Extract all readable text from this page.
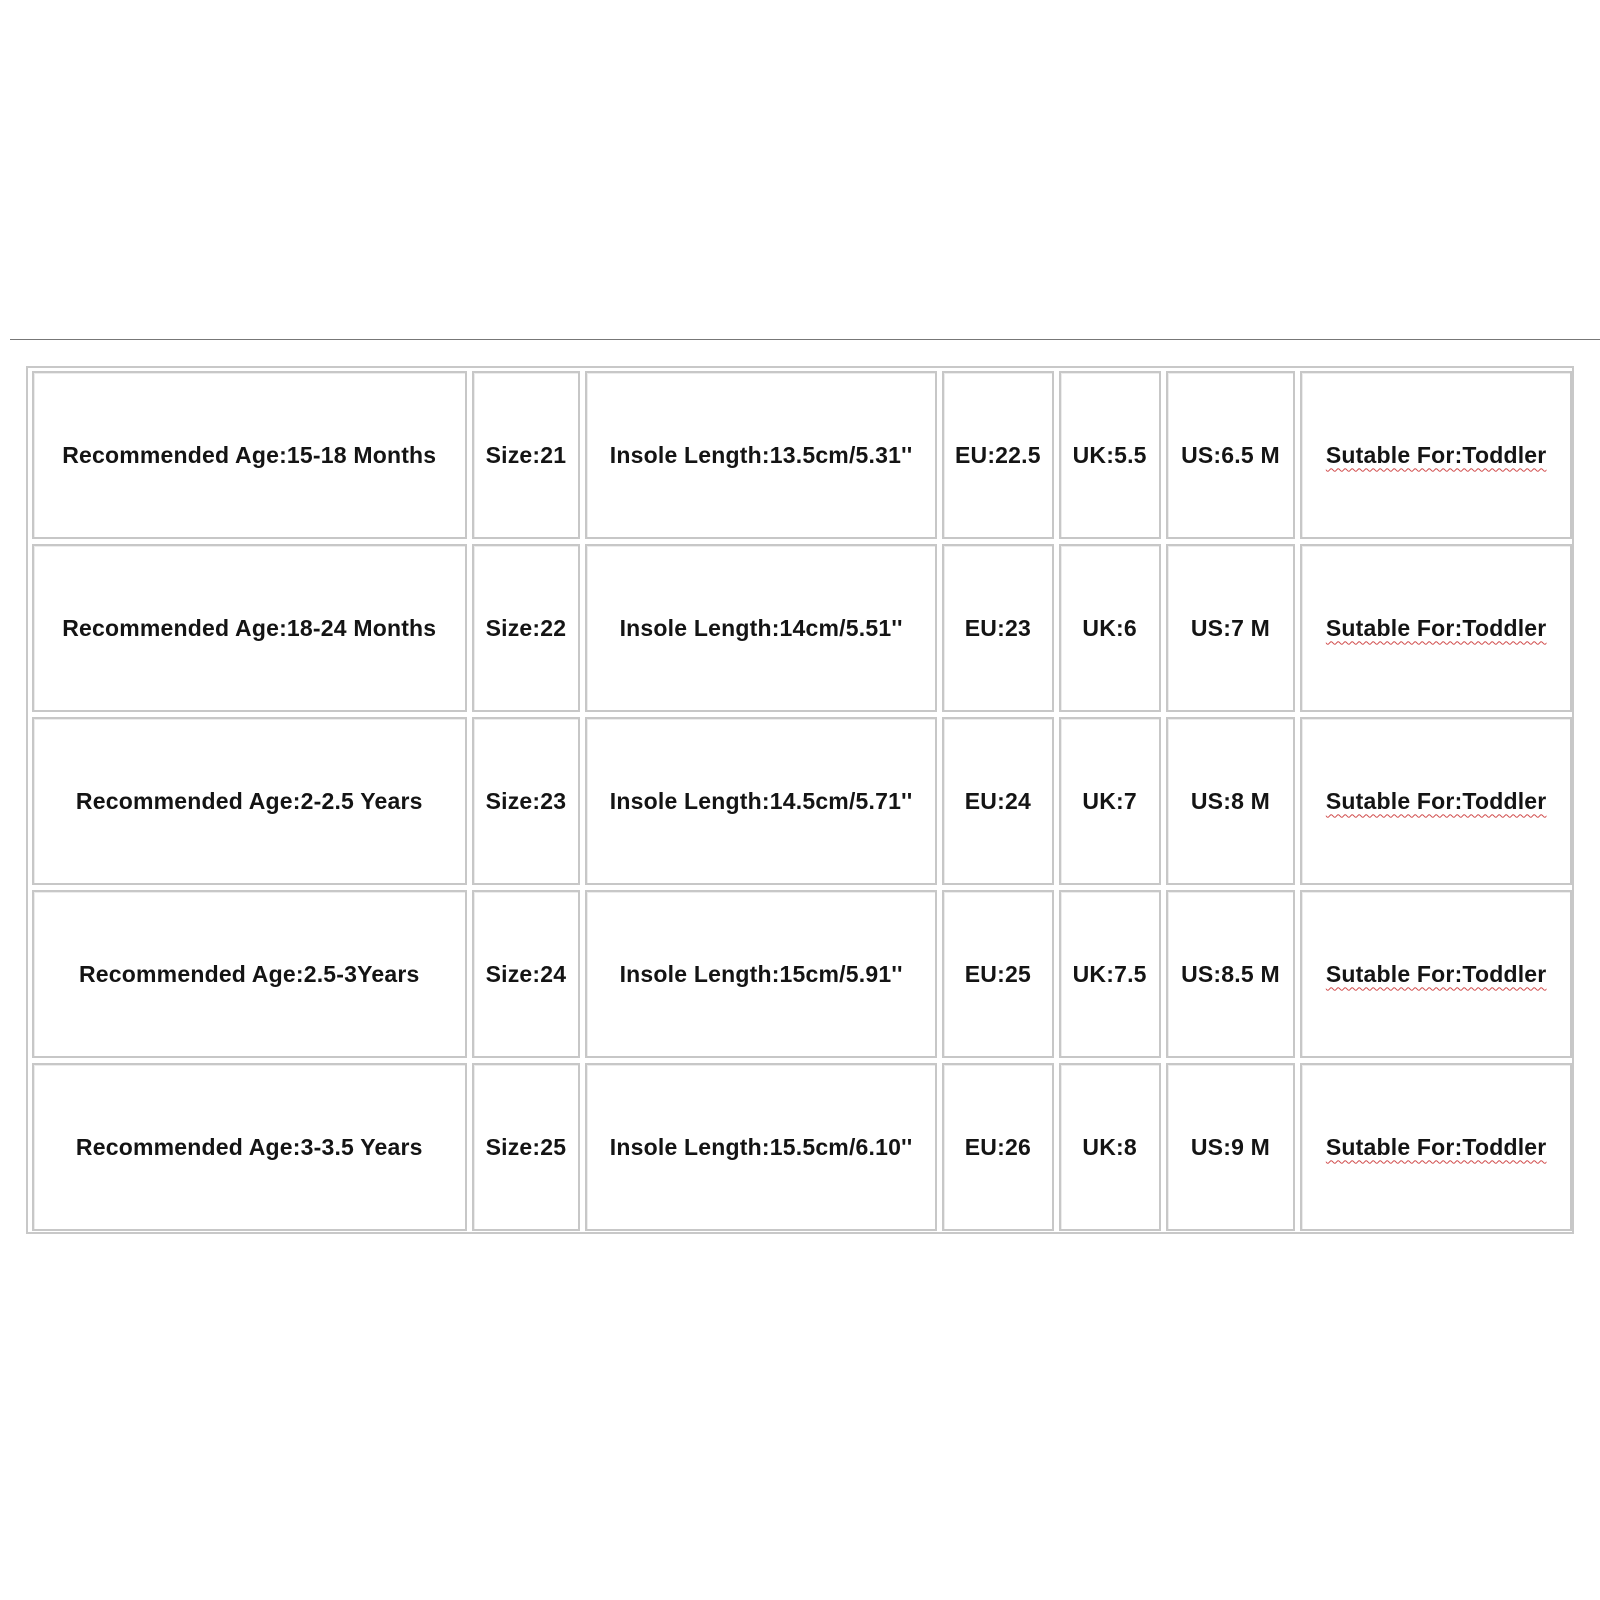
Recommended Age:15-18 Months	Size:21	Insole Length:13.5cm/5.31''	EU:22.5	UK:5.5	US:6.5 M	Sutable For:Toddler
Recommended Age:18-24 Months	Size:22	Insole Length:14cm/5.51''	EU:23	UK:6	US:7 M	Sutable For:Toddler
Recommended Age:2-2.5 Years	Size:23	Insole Length:14.5cm/5.71''	EU:24	UK:7	US:8 M	Sutable For:Toddler
Recommended Age:2.5-3Years	Size:24	Insole Length:15cm/5.91''	EU:25	UK:7.5	US:8.5 M	Sutable For:Toddler
Recommended Age:3-3.5 Years	Size:25	Insole Length:15.5cm/6.10''	EU:26	UK:8	US:9 M	Sutable For:Toddler
